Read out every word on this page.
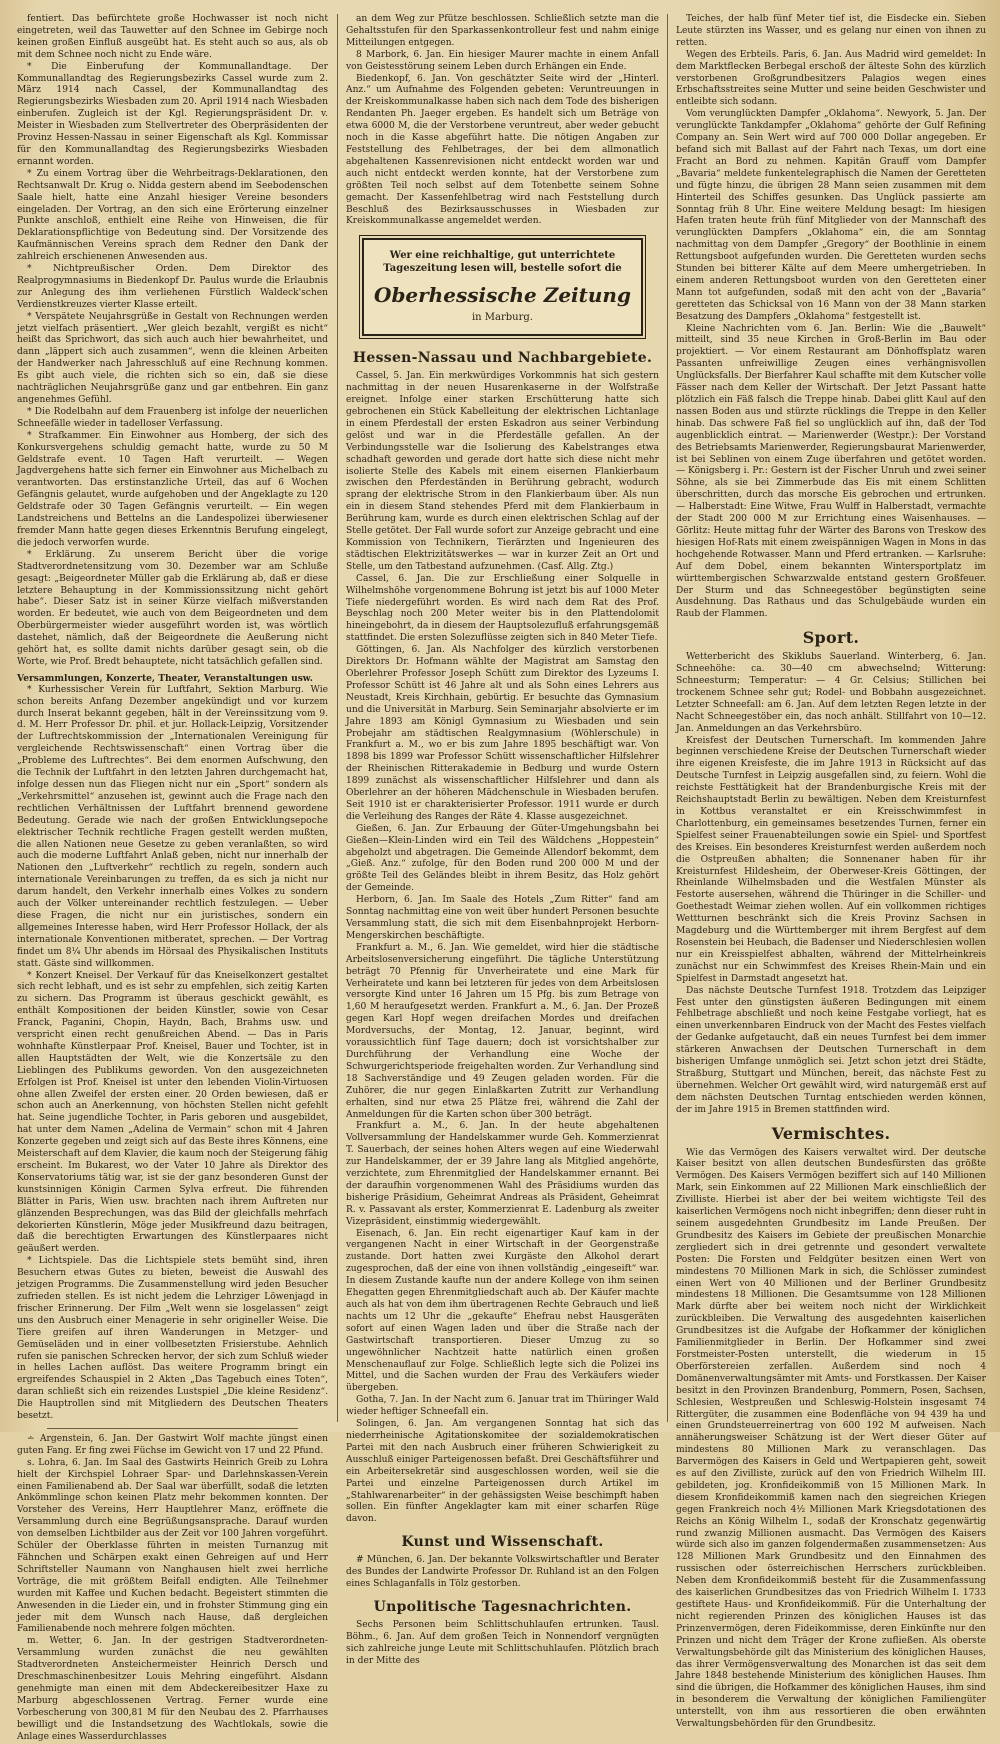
fentiert. Das befürchtete große Hochwasser ist noch nicht eingetreten, weil das Tauwetter auf den Schnee im Gebirge noch keinen großen Einfluß ausgeübt hat. Es steht auch so aus, als ob mit dem Schnee noch nicht zu Ende wäre.

* Die Einberufung der Kommunallandtage. Der Kommunallandtag des Regierungsbezirks Cassel wurde zum 2. März 1914 nach Cassel, der Kommunallandtag des Regierungsbezirks Wiesbaden zum 20. April 1914 nach Wiesbaden einberufen. Zugleich ist der Kgl. Regierungspräsident Dr. v. Meister in Wiesbaden zum Stellvertreter des Oberpräsidenten der Provinz Hessen-Nassau in seiner Eigenschaft als Kgl. Kommissar für den Kommunallandtag des Regierungsbezirks Wiesbaden ernannt worden.

* Zu einem Vortrag über die Wehrbeitrags-Deklarationen, den Rechtsanwalt Dr. Krug o. Nidda gestern abend im Seebodenschen Saale hielt, hatte eine Anzahl hiesiger Vereine besonders eingeladen. Der Vortrag, an den sich eine Erörterung einzelner Punkte anschloß, enthielt eine Reihe von Hinweisen, die für Deklarationspflichtige von Bedeutung sind. Der Vorsitzende des Kaufmännischen Vereins sprach dem Redner den Dank der zahlreich erschienenen Anwesenden aus.

* Nichtpreußischer Orden. Dem Direktor des Realprogymnasiums in Biedenkopf Dr. Paulus wurde die Erlaubnis zur Anlegung des ihm verliehenen Fürstlich Waldeck'schen Verdienstkreuzes vierter Klasse erteilt.

* Verspätete Neujahrsgrüße in Gestalt von Rechnungen werden jetzt vielfach präsentiert. „Wer gleich bezahlt, vergißt es nicht“ heißt das Sprichwort, das sich auch auch hier bewahrheitet, und dann „läppert sich auch zusammen“, wenn die kleinen Arbeiten der Handwerker nach Jahresschluß auf eine Rechnung kommen. Es gibt auch viele, die richten sich so ein, daß sie diese nachträglichen Neujahrsgrüße ganz und gar entbehren. Ein ganz angenehmes Gefühl.

* Die Rodelbahn auf dem Frauenberg ist infolge der neuerlichen Schneefälle wieder in tadelloser Verfassung.

* Strafkammer. Ein Einwohner aus Homberg, der sich des Konkursvergehens schuldig gemacht hatte, wurde zu 50 M Geldstrafe event. 10 Tagen Haft verurteilt. — Wegen Jagdvergehens hatte sich ferner ein Einwohner aus Michelbach zu verantworten. Das erstinstanzliche Urteil, das auf 6 Wochen Gefängnis gelautet, wurde aufgehoben und der Angeklagte zu 120 Geldstrafe oder 30 Tagen Gefängnis verurteilt. — Ein wegen Landstreichens und Bettelns an die Landespolizei überwiesener fremder Mann hatte gegen dieses Erkenntnis Berufung eingelegt, die jedoch verworfen wurde.

* Erklärung. Zu unserem Bericht über die vorige Stadtverordnetensitzung vom 30. Dezember war am Schluße gesagt: „Beigeordneter Müller gab die Erklärung ab, daß er diese letztere Behauptung in der Kommissionssitzung nicht gehört habe“. Dieser Satz ist in seiner Kürze vielfach mißverstanden worden. Er bedeutet, wie auch von dem Beigeordneten und dem Oberbürgermeister wieder ausgeführt worden ist, was wörtlich dastehet, nämlich, daß der Beigeordnete die Aeußerung nicht gehört hat, es sollte damit nichts darüber gesagt sein, ob die Worte, wie Prof. Bredt behauptete, nicht tatsächlich gefallen sind.

Versammlungen, Konzerte, Theater, Veranstaltungen usw.

* Kurhessischer Verein für Luftfahrt, Sektion Marburg. Wie schon bereits Anfang Dezember angekündigt und vor kurzem durch Inserat bekannt gegeben, hält in der Vereinssitzung vom 9. d. M. Herr Professor Dr. phil. et jur. Hollack-Leipzig, Vorsitzender der Luftrechtskommission der „Internationalen Vereinigung für vergleichende Rechtswissenschaft“ einen Vortrag über die „Probleme des Luftrechtes“. Bei dem enormen Aufschwung, den die Technik der Luftfahrt in den letzten Jahren durchgemacht hat, infolge dessen nun das Fliegen nicht nur ein „Sport“ sondern als „Verkehrsmittel“ anzusehen ist, gewinnt auch die Frage nach den rechtlichen Verhältnissen der Luftfahrt brennend gewordene Bedeutung. Gerade wie nach der großen Entwicklungsepoche elektrischer Technik rechtliche Fragen gestellt werden mußten, die allen Nationen neue Gesetze zu geben veranlaßten, so wird auch die moderne Luftfahrt Anlaß geben, nicht nur innerhalb der Nationen den „Luftverkehr“ rechtlich zu regeln, sondern auch internationale Vereinbarungen zu treffen, da es sich ja nicht nur darum handelt, den Verkehr innerhalb eines Volkes zu sondern auch der Völker untereinander rechtlich festzulegen. — Ueber diese Fragen, die nicht nur ein juristisches, sondern ein allgemeines Interesse haben, wird Herr Professor Hollack, der als internationale Konventionen mitberatet, sprechen. — Der Vortrag findet um 8¼ Uhr abends im Hörsaal des Physikalischen Instituts statt. Gäste sind willkommen.

* Konzert Kneisel. Der Verkauf für das Kneiselkonzert gestaltet sich recht lebhaft, und es ist sehr zu empfehlen, sich zeitig Karten zu sichern. Das Programm ist überaus geschickt gewählt, es enthält Kompositionen der beiden Künstler, sowie von Cesar Franck, Paganini, Chopin, Haydn, Bach, Brahms usw. und verspricht einen recht genußreichen Abend. — Das in Paris wohnhafte Künstlerpaar Prof. Kneisel, Bauer und Tochter, ist in allen Hauptstädten der Welt, wie die Konzertsäle zu den Lieblingen des Publikums geworden. Von den ausgezeichneten Erfolgen ist Prof. Kneisel ist unter den lebenden Violin-Virtuosen ohne allen Zweifel der ersten einer. 20 Orden bewiesen, daß er schon auch an Anerkennung, von höchsten Stellen nicht gefehlt hat. Seine jugendliche Tochter, in Paris geboren und ausgebildet, hat unter dem Namen „Adelina de Vermain“ schon mit 4 Jahren Konzerte gegeben und zeigt sich auf das Beste ihres Könnens, eine Meisterschaft auf dem Klavier, die kaum noch der Steigerung fähig erscheint. Im Bukarest, wo der Vater 10 Jahre als Direktor des Konservatoriums tätig war, ist sie der ganz besonderen Gunst der kunstsinnigen Königin Carmen Sylva erfreut. Die führenden Blätter in Paris, Wien usw. brachten nach ihrem Auftreten nur glänzenden Besprechungen, was das Bild der gleichfalls mehrfach dekorierten Künstlerin, Möge jeder Musikfreund dazu beitragen, daß die berechtigten Erwartungen des Künstlerpaares nicht geäußert werden.

* Lichtspiele. Das die Lichtspiele stets bemüht sind, ihren Besuchern etwas Gutes zu bieten, beweist die Auswahl des jetzigen Programms. Die Zusammenstellung wird jeden Besucher zufrieden stellen. Es ist nicht jedem die Lehrziger Löwenjagd in frischer Erinnerung. Der Film „Welt wenn sie losgelassen“ zeigt uns den Ausbruch einer Menagerie in sehr origineller Weise. Die Tiere greifen auf ihren Wanderungen in Metzger- und Gemüseläden und in einer vollbesetzten Frisierstube. Aehnlich rufen sie panischen Schrecken hervor, der sich zum Schluß wieder in helles Lachen auflöst. Das weitere Programm bringt ein ergreifendes Schauspiel in 2 Akten „Das Tagebuch eines Toten“, daran schließt sich ein reizendes Lustspiel „Die kleine Residenz“. Die Hauptrollen sind mit Mitgliedern des Deutschen Theaters besetzt.

∸ Argenstein, 6. Jan. Der Gastwirt Wolf machte jüngst einen guten Fang. Er fing zwei Füchse im Gewicht von 17 und 22 Pfund.

s. Lohra, 6. Jan. Im Saal des Gastwirts Heinrich Greib zu Lohra hielt der Kirchspiel Lohraer Spar- und Darlehnskassen-Verein einen Familienabend ab. Der Saal war überfüllt, sodaß die letzten Ankömmlinge schon keinen Platz mehr bekommen konnten. Der Vorsteher des Vereins, Herr Hauptlehrer Manz, eröffnete die Versammlung durch eine Begrüßungsansprache. Darauf wurden von demselben Lichtbilder aus der Zeit vor 100 Jahren vorgeführt. Schüler der Oberklasse führten in meisten Turnanzug mit Fähnchen und Schärpen exakt einen Gehreigen auf und Herr Schriftsteller Naumann von Nanghausen hielt zwei herrliche Vorträge, die mit größtem Beifall endigten. Alle Teilnehmer wurden mit Kaffee und Kuchen bedacht. Begeistert stimmten die Anwesenden in die Lieder ein, und in frohster Stimmung ging ein jeder mit dem Wunsch nach Hause, daß dergleichen Familienabende noch mehrere folgen möchten.

m. Wetter, 6. Jan. In der gestrigen Stadtverordneten-Versammlung wurden zunächst die neu gewählten Stadtverordneten Ansteichermeister Heinrich Dersch und Dreschmaschinenbesitzer Louis Mehring eingeführt. Alsdann genehmigte man einen mit dem Abdeckereibesitzer Haxe zu Marburg abgeschlossenen Vertrag. Ferner wurde eine Vorbescherung von 300,81 M für den Neubau des 2. Pfarrhauses bewilligt und die Instandsetzung des Wachtlokals, sowie die Anlage eines Wasserdurchlasses

an dem Weg zur Pfütze beschlossen. Schließlich setzte man die Gehaltsstufen für den Sparkassenkontrolleur fest und nahm einige Mitteilungen entgegen.

8 Marbork, 6. Jan. Ein hiesiger Maurer machte in einem Anfall von Geistesstörung seinem Leben durch Erhängen ein Ende.

Biedenkopf, 6. Jan. Von geschätzter Seite wird der „Hinterl. Anz.“ um Aufnahme des Folgenden gebeten: Veruntreuungen in der Kreiskommunalkasse haben sich nach dem Tode des bisherigen Rendanten Ph. Jaeger ergeben. Es handelt sich um Beträge von etwa 6000 M, die der Verstorbene veruntreut, aber weder gebucht noch in die Kasse abgeführt hatte. Die nötigen Angaben zur Feststellung des Fehlbetrages, der bei dem allmonatlich abgehaltenen Kassenrevisionen nicht entdeckt worden war und auch nicht entdeckt werden konnte, hat der Verstorbene zum größten Teil noch selbst auf dem Totenbette seinem Sohne gemacht. Der Kassenfehlbetrag wird nach Feststellung durch Beschluß des Bezirksausschusses in Wiesbaden zur Kreiskommunalkasse angemeldet werden.

Wer eine reichhaltige, gut unterrichtete Tageszeitung lesen will, bestelle sofort die
Oberhessische Zeitung
in Marburg.
Hessen-Nassau und Nachbargebiete.

Cassel, 5. Jan. Ein merkwürdiges Vorkommnis hat sich gestern nachmittag in der neuen Husarenkaserne in der Wolfstraße ereignet. Infolge einer starken Erschütterung hatte sich gebrochenen ein Stück Kabelleitung der elektrischen Lichtanlage in einem Pferdestall der ersten Eskadron aus seiner Verbindung gelöst und war in die Pferdeställe gefallen. An der Verbindungsstelle war die Isolierung des Kabelstranges etwa schadhaft geworden und gerade dort hatte sich diese nicht mehr isolierte Stelle des Kabels mit einem eisernen Flankierbaum zwischen den Pferdeständen in Berührung gebracht, wodurch sprang der elektrische Strom in den Flankierbaum über. Als nun ein in diesem Stand stehendes Pferd mit dem Flankierbaum in Berührung kam, wurde es durch einen elektrischen Schlag auf der Stelle getötet. Der Fall wurde sofort zur Anzeige gebracht und eine Kommission von Technikern, Tierärzten und Ingenieuren des städtischen Elektrizitätswerkes — war in kurzer Zeit an Ort und Stelle, um den Tatbestand aufzunehmen. (Casf. Allg. Ztg.)

Cassel, 6. Jan. Die zur Erschließung einer Solquelle in Wilhelmshöhe vorgenommene Bohrung ist jetzt bis auf 1000 Meter Tiefe niedergeführt worden. Es wird nach dem Rat des Prof. Beyschlag noch 200 Meter weiter bis in den Plattendolomit hineingebohrt, da in diesem der Hauptsolezufluß erfahrungsgemäß stattfindet. Die ersten Solezuflüsse zeigten sich in 840 Meter Tiefe.

Göttingen, 6. Jan. Als Nachfolger des kürzlich verstorbenen Direktors Dr. Hofmann wählte der Magistrat am Samstag den Oberlehrer Professor Joseph Schütt zum Direktor des Lyzeums I. Professor Schütt ist 46 Jahre alt und als Sohn eines Lehrers aus Neustadt, Kreis Kirchhain, gebürtig. Er besuchte das Gymnasium und die Universität in Marburg. Sein Seminarjahr absolvierte er im Jahre 1893 am Königl Gymnasium zu Wiesbaden und sein Probejahr am städtischen Realgymnasium (Wöhlerschule) in Frankfurt a. M., wo er bis zum Jahre 1895 beschäftigt war. Von 1898 bis 1899 war Professor Schütt wissenschaftlicher Hilfslehrer der Rheinischen Ritterakademie in Bedburg und wurde Ostern 1899 zunächst als wissenschaftlicher Hilfslehrer und dann als Oberlehrer an der höheren Mädchenschule in Wiesbaden berufen. Seit 1910 ist er charakterisierter Professor. 1911 wurde er durch die Verleihung des Ranges der Räte 4. Klasse ausgezeichnet.

Gießen, 6. Jan. Zur Erbauung der Güter-Umgehungsbahn bei Gießen—Klein-Linden wird ein Teil des Wäldchens „Hoppestein“ abgeholzt und abgetragen. Die Gemeinde Allendorf bekommt, dem „Gieß. Anz.“ zufolge, für den Boden rund 200 000 M und der größte Teil des Geländes bleibt in ihrem Besitz, das Holz gehört der Gemeinde.

Herborn, 6. Jan. Im Saale des Hotels „Zum Ritter“ fand am Sonntag nachmittag eine von weit über hundert Personen besuchte Versammlung statt, die sich mit dem Eisenbahnprojekt Herborn-Mengerskirchen beschäftigte.

Frankfurt a. M., 6. Jan. Wie gemeldet, wird hier die städtische Arbeitslosenversicherung eingeführt. Die tägliche Unterstützung beträgt 70 Pfennig für Unverheiratete und eine Mark für Verheiratete und kann bei letzteren für jedes von dem Arbeitslosen versorgte Kind unter 16 Jahren um 15 Pfg. bis zum Betrage von 1,60 M heraufgesetzt werden. Frankfurt a. M., 6. Jan. Der Prozeß gegen Karl Hopf wegen dreifachen Mordes und dreifachen Mordversuchs, der Montag, 12. Januar, beginnt, wird voraussichtlich fünf Tage dauern; doch ist vorsichtshalber zur Durchführung der Verhandlung eine Woche der Schwurgerichtsperiode freigehalten worden. Zur Verhandlung sind 18 Sachverständige und 49 Zeugen geladen worden. Für die Zuhörer, die nur gegen Einlaßkarten Zutritt zur Verhandlung erhalten, sind nur etwa 25 Plätze frei, während die Zahl der Anmeldungen für die Karten schon über 300 beträgt.

Frankfurt a. M., 6. Jan. In der heute abgehaltenen Vollversammlung der Handelskammer wurde Geh. Kommerzienrat T. Sauerbach, der seines hohen Alters wegen auf eine Wiederwahl zur Handelskammer, der er 39 Jahre lang als Mitglied angehörte, verzichtete, zum Ehrenmitglied der Handelskammer ernannt. Bei der daraufhin vorgenommenen Wahl des Präsidiums wurden das bisherige Präsidium, Geheimrat Andreas als Präsident, Geheimrat R. v. Passavant als erster, Kommerzienrat E. Ladenburg als zweiter Vizepräsident, einstimmig wiedergewählt.

Eisenach, 6. Jan. Ein recht eigenartiger Kauf kam in der vergangenen Nacht in einer Wirtschaft in der Georgenstraße zustande. Dort hatten zwei Kurgäste den Alkohol derart zugesprochen, daß der eine von ihnen vollständig „eingeseift“ war. In diesem Zustande kaufte nun der andere Kollege von ihm seinen Ehegatten gegen Ehrenmitgliedschaft auch ab. Der Käufer machte auch als hat von dem ihm übertragenen Rechte Gebrauch und ließ nachts um 12 Uhr die „gekaufte“ Ehefrau nebst Hausgeräten sofort auf einen Wagen laden und über die Straße nach der Gastwirtschaft transportieren. Dieser Umzug zu so ungewöhnlicher Nachtzeit hatte natürlich einen großen Menschenauflauf zur Folge. Schließlich legte sich die Polizei ins Mittel, und die Sachen wurden der Frau des Verkäufers wieder übergeben.

Gotha, 7. Jan. In der Nacht zum 6. Januar trat im Thüringer Wald wieder heftiger Schneefall ein.

Solingen, 6. Jan. Am vergangenen Sonntag hat sich das niederrheinische Agitationskomitee der sozialdemokratischen Partei mit den nach Ausbruch einer früheren Schwierigkeit zu Ausschluß einiger Parteigenossen befaßt. Drei Geschäftsführer und ein Arbeitersekretär sind ausgeschlossen worden, weil sie die Partei und einzelne Parteigenossen durch Artikel im „Stahlwarenarbeiter“ in der gehässigsten Weise beschimpft haben sollen. Ein fünfter Angeklagter kam mit einer scharfen Rüge davon.

Kunst und Wissenschaft.

# München, 6. Jan. Der bekannte Volkswirtschaftler und Berater des Bundes der Landwirte Professor Dr. Ruhland ist an den Folgen eines Schlaganfalls in Tölz gestorben.

Unpolitische Tagesnachrichten.

Sechs Personen beim Schlittschuhlaufen ertrunken. Tausl. Böhm., 6. Jan. Auf dem großen Teich in Nonnendorf vergnügten sich zahlreiche junge Leute mit Schlittschuhlaufen. Plötzlich brach in der Mitte des

Teiches, der halb fünf Meter tief ist, die Eisdecke ein. Sieben Leute stürzten ins Wasser, und es gelang nur einen von ihnen zu retten.

Wegen des Erbteils. Paris, 6. Jan. Aus Madrid wird gemeldet: In dem Marktflecken Berbegal erschoß der älteste Sohn des kürzlich verstorbenen Großgrundbesitzers Palagios wegen eines Erbschaftsstreites seine Mutter und seine beiden Geschwister und entleibte sich sodann.

Vom verunglückten Dampfer „Oklahoma“. Newyork, 5. Jan. Der verunglückte Tankdampfer „Oklahoma“ gehörte der Gulf Refining Company an. Sein Wert wird auf 700 000 Dollar angegeben. Er befand sich mit Ballast auf der Fahrt nach Texas, um dort eine Fracht an Bord zu nehmen. Kapitän Grauff vom Dampfer „Bavaria“ meldete funkentelegraphisch die Namen der Geretteten und fügte hinzu, die übrigen 28 Mann seien zusammen mit dem Hinterteil des Schiffes gesunken. Das Unglück passierte am Sonntag früh 8 Uhr. Eine weitere Meldung besagt: Im hiesigen Hafen traten heute früh fünf Mitglieder von der Mannschaft des verunglückten Dampfers „Oklahoma“ ein, die am Sonntag nachmittag von dem Dampfer „Gregory“ der Boothlinie in einem Rettungsboot aufgefunden wurden. Die Geretteten wurden sechs Stunden bei bitterer Kälte auf dem Meere umhergetrieben. In einem anderen Rettungsboot wurden von den Geretteten einer Mann tot aufgefunden, sodaß mit den acht von der „Bavaria“ geretteten das Schicksal von 16 Mann von der 38 Mann starken Besatzung des Dampfers „Oklahoma“ festgestellt ist.

Kleine Nachrichten vom 6. Jan. Berlin: Wie die „Bauwelt“ mitteilt, sind 35 neue Kirchen in Groß-Berlin im Bau oder projektiert. — Vor einem Restaurant am Dönhoffsplatz waren Passanten unfreiwillige Zeugen eines verhängnisvollen Unglücksfalls. Der Bierfahrer Kaul schaffte mit dem Kutscher volle Fässer nach dem Keller der Wirtschaft. Der Jetzt Passant hatte plötzlich ein Fäß falsch die Treppe hinab. Dabei glitt Kaul auf den nassen Boden aus und stürzte rücklings die Treppe in den Keller hinab. Das schwere Faß fiel so unglücklich auf ihn, daß der Tod augenblicklich eintrat. — Marienwerder (Westpr.): Der Vorstand des Betriebsamts Marienwerder, Regierungsbaurat Marienwerder, ist bei Seblinen von einem Zuge überfahren und getötet worden. — Königsberg i. Pr.: Gestern ist der Fischer Unruh und zwei seiner Söhne, als sie bei Zimmerbude das Eis mit einem Schlitten überschritten, durch das morsche Eis gebrochen und ertrunken. — Halberstadt: Eine Witwe, Frau Wulff in Halberstadt, vermachte der Stadt 200 000 M zur Errichtung eines Waisenhauses. — Görlitz: Heute mittag fuhr der Wärter des Barons von Treskow des hiesigen Hof-Rats mit einem zweispännigen Wagen in Mons in das hochgehende Rotwasser. Mann und Pferd ertranken. — Karlsruhe: Auf dem Dobel, einem bekannten Wintersportplatz im württembergischen Schwarzwalde entstand gestern Großfeuer. Der Sturm und das Schneegestöber begünstigten seine Ausdehnung. Das Rathaus und das Schulgebäude wurden ein Raub der Flammen.

Sport.

Wetterbericht des Skiklubs Sauerland. Winterberg, 6. Jan. Schneehöhe: ca. 30—40 cm abwechselnd; Witterung: Schneesturm; Temperatur: — 4 Gr. Celsius; Stillichen bei trockenem Schnee sehr gut; Rodel- und Bobbahn ausgezeichnet. Letzter Schneefall: am 6. Jan. Auf dem letzten Regen letzte in der Nacht Schneegestöber ein, das noch anhält. Stillfahrt von 10—12. Jan. Anmeldungen an das Verkehrsbüro.

Kreisfest der Deutschen Turnerschaft. Im kommenden Jahre beginnen verschiedene Kreise der Deutschen Turnerschaft wieder ihre eigenen Kreisfeste, die im Jahre 1913 in Rücksicht auf das Deutsche Turnfest in Leipzig ausgefallen sind, zu feiern. Wohl die reichste Festtätigkeit hat der Brandenburgische Kreis mit der Reichshauptstadt Berlin zu bewältigen. Neben dem Kreisturnfest in Kottbus veranstaltet er ein Kreisschwimmfest in Charlottenburg, ein gemeinsames besetzendes Turnen, ferner ein Spielfest seiner Frauenabteilungen sowie ein Spiel- und Sportfest des Kreises. Ein besonderes Kreisturnfest werden außerdem noch die Ostpreußen abhalten; die Sonnenaner haben für ihr Kreisturnfest Hildesheim, der Oberweser-Kreis Göttingen, der Rheinlande Wilhelmsbaden und die Westfalen Münster als Festorte ausersehen, während die Thüringer in die Schiller- und Goethestadt Weimar ziehen wollen. Auf ein vollkommen richtiges Wettturnen beschränkt sich die Kreis Provinz Sachsen in Magdeburg und die Württemberger mit ihrem Bergfest auf dem Rosenstein bei Heubach, die Badenser und Niederschlesien wollen nur ein Kreisspielfest abhalten, während der Mittelrheinkreis zunächst nur ein Schwimmfest des Kreises Rhein-Main und ein Spielfest in Darmstadt angesetzt hat.

Das nächste Deutsche Turnfest 1918. Trotzdem das Leipziger Fest unter den günstigsten äußeren Bedingungen mit einem Fehlbetrage abschließt und noch keine Festgabe vorliegt, hat es einen unverkennbaren Eindruck von der Macht des Festes vielfach der Gedanke aufgetaucht, daß ein neues Turnfest bei dem immer stärkeren Anwachsen der Deutschen Turnerschaft in dem bisherigen Umfange unmöglich sei. Jetzt schon jetzt drei Städte, Straßburg, Stuttgart und München, bereit, das nächste Fest zu übernehmen. Welcher Ort gewählt wird, wird naturgemäß erst auf dem nächsten Deutschen Turntag entschieden werden können, der im Jahre 1915 in Bremen stattfinden wird.

Vermischtes.

Wie das Vermögen des Kaisers verwaltet wird. Der deutsche Kaiser besitzt von allen deutschen Bundesfürsten das größte Vermögen. Des Kaisers Vermögen beziffert sich auf 140 Millionen Mark, sein Einkommen auf 22 Millionen Mark einschließlich der Zivilliste. Hierbei ist aber der bei weitem wichtigste Teil des kaiserlichen Vermögens noch nicht inbegriffen; denn dieser ruht in seinem ausgedehnten Grundbesitz im Lande Preußen. Der Grundbesitz des Kaisers im Gebiete der preußischen Monarchie zergliedert sich in drei getrennte und gesondert verwaltete Posten: Die Forsten und Feldgüter besitzen einen Wert von mindestens 70 Millionen Mark in sich, die Schlösser zumindest einen Wert von 40 Millionen und der Berliner Grundbesitz mindestens 18 Millionen. Die Gesamtsumme von 128 Millionen Mark dürfte aber bei weitem noch nicht der Wirklichkeit zurückbleiben. Die Verwaltung des ausgedehnten kaiserlichen Grundbesitzes ist die Aufgabe der Hofkammer der königlichen Familienmitglieder in Berlin. Der Hofkammer sind zwei Forstmeister-Posten unterstellt, die wiederum in 15 Oberförstereien zerfallen. Außerdem sind noch 4 Domänenverwaltungsämter mit Amts- und Forstkassen. Der Kaiser besitzt in den Provinzen Brandenburg, Pommern, Posen, Sachsen, Schlesien, Westpreußen und Schleswig-Holstein insgesamt 74 Rittergüter, die zusammen eine Bodenfläche von 94 439 ha und einen Grundsteuerreinertrag von 600 192 M aufweisen. Nach annäherungsweiser Schätzung ist der Wert dieser Güter auf mindestens 80 Millionen Mark zu veranschlagen. Das Barvermögen des Kaisers in Geld und Wertpapieren geht, soweit es auf den Zivilliste, zurück auf den von Friedrich Wilhelm III. gebildeten, jog. Kronfideikommiß von 15 Millionen Mark. In diesem Kronfideikommiß kamen nach den siegreichen Kriegen gegen Frankreich noch 4½ Millionen Mark Kriegsdotationen des Reichs an König Wilhelm I., sodaß der Kronschatz gegenwärtig rund zwanzig Millionen ausmacht. Das Vermögen des Kaisers würde sich also im ganzen folgendermaßen zusammensetzen: Aus 128 Millionen Mark Grundbesitz und den Einnahmen des russischen oder österreichischen Herrschers zurückbleiben. Neben dem Kronfideikommiß besteht für die Zusammenfassung des kaiserlichen Grundbesitzes das von Friedrich Wilhelm I. 1733 gestiftete Haus- und Kronfideikommiß. Für die Unterhaltung der nicht regierenden Prinzen des königlichen Hauses ist das Prinzenvermögen, deren Fideikommisse, deren Einkünfte nur den Prinzen und nicht dem Träger der Krone zufließen. Als oberste Verwaltungsbehörde gilt das Ministerium des königlichen Hauses, das ihrer Vermögensverwaltung des Monarchen ist das seit dem Jahre 1848 bestehende Ministerium des königlichen Hauses. Ihm sind die übrigen, die Hofkammer des königlichen Hauses, ihm sind in besonderem die Verwaltung der königlichen Familiengüter unterstellt, von ihm aus ressortieren die oben erwähnten Verwaltungsbehörden für den Grundbesitz.
